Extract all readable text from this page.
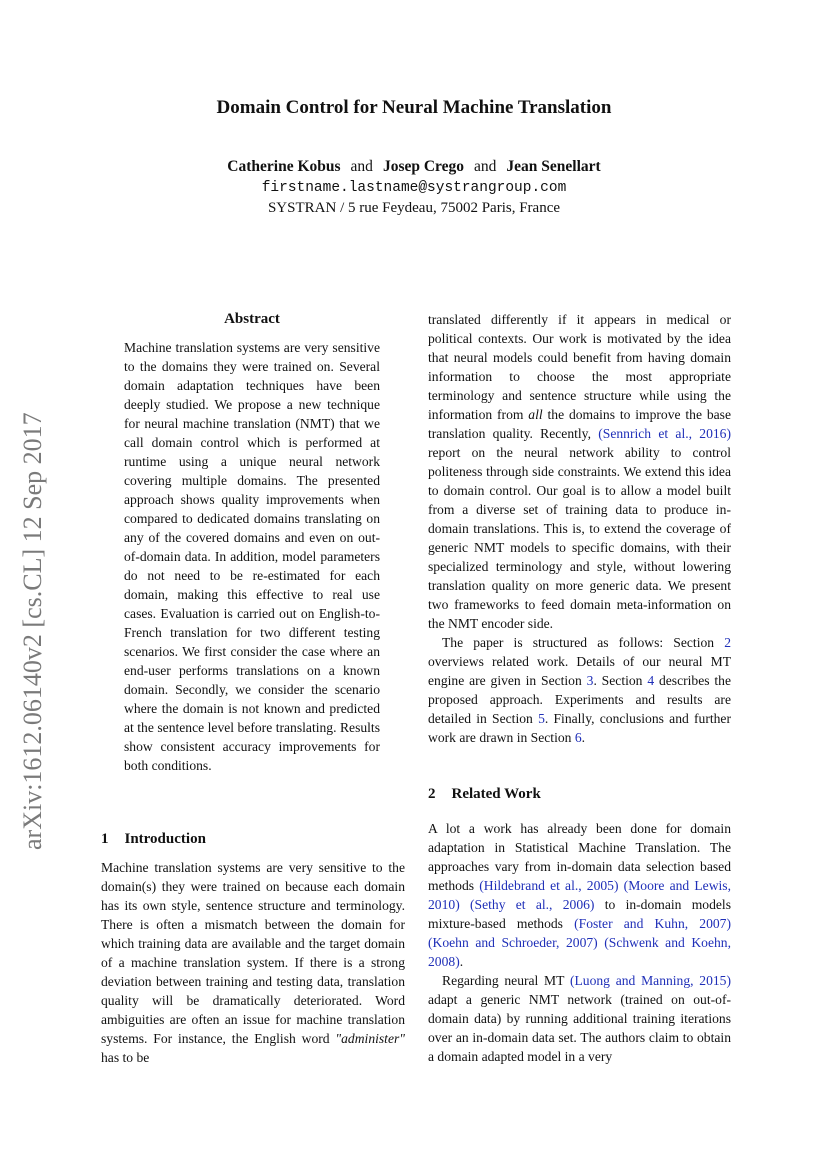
Domain Control for Neural Machine Translation
Catherine Kobus and Josep Crego and Jean Senellart
firstname.lastname@systrangroup.com
SYSTRAN / 5 rue Feydeau, 75002 Paris, France
arXiv:1612.06140v2 [cs.CL] 12 Sep 2017
Abstract

Machine translation systems are very sensitive to the domains they were trained on. Several domain adaptation techniques have been deeply studied. We propose a new technique for neural machine translation (NMT) that we call domain control which is performed at runtime using a unique neural network covering multiple domains. The presented approach shows quality improvements when compared to dedicated domains translating on any of the covered domains and even on out-of-domain data. In addition, model parameters do not need to be re-estimated for each domain, making this effective to real use cases. Evaluation is carried out on English-to-French translation for two different testing scenarios. We first consider the case where an end-user performs translations on a known domain. Secondly, we consider the scenario where the domain is not known and predicted at the sentence level before translating. Results show consistent accuracy improvements for both conditions.

1 Introduction

Machine translation systems are very sensitive to the domain(s) they were trained on because each domain has its own style, sentence structure and terminology. There is often a mismatch between the domain for which training data are available and the target domain of a machine translation system. If there is a strong deviation between training and testing data, translation quality will be dramatically deteriorated. Word ambiguities are often an issue for machine translation systems. For instance, the English word "administer" has to be

translated differently if it appears in medical or political contexts. Our work is motivated by the idea that neural models could benefit from having domain information to choose the most appropriate terminology and sentence structure while using the information from all the domains to improve the base translation quality. Recently, (Sennrich et al., 2016) report on the neural network ability to control politeness through side constraints. We extend this idea to domain control. Our goal is to allow a model built from a diverse set of training data to produce in-domain translations. This is, to extend the coverage of generic NMT models to specific domains, with their specialized terminology and style, without lowering translation quality on more generic data. We present two frameworks to feed domain meta-information on the NMT encoder side.

The paper is structured as follows: Section 2 overviews related work. Details of our neural MT engine are given in Section 3. Section 4 describes the proposed approach. Experiments and results are detailed in Section 5. Finally, conclusions and further work are drawn in Section 6.

2 Related Work

A lot a work has already been done for domain adaptation in Statistical Machine Translation. The approaches vary from in-domain data selection based methods (Hildebrand et al., 2005) (Moore and Lewis, 2010) (Sethy et al., 2006) to in-domain models mixture-based methods (Foster and Kuhn, 2007) (Koehn and Schroeder, 2007) (Schwenk and Koehn, 2008).

Regarding neural MT (Luong and Manning, 2015) adapt a generic NMT network (trained on out-of-domain data) by running additional training iterations over an in-domain data set. The authors claim to obtain a domain adapted model in a very
